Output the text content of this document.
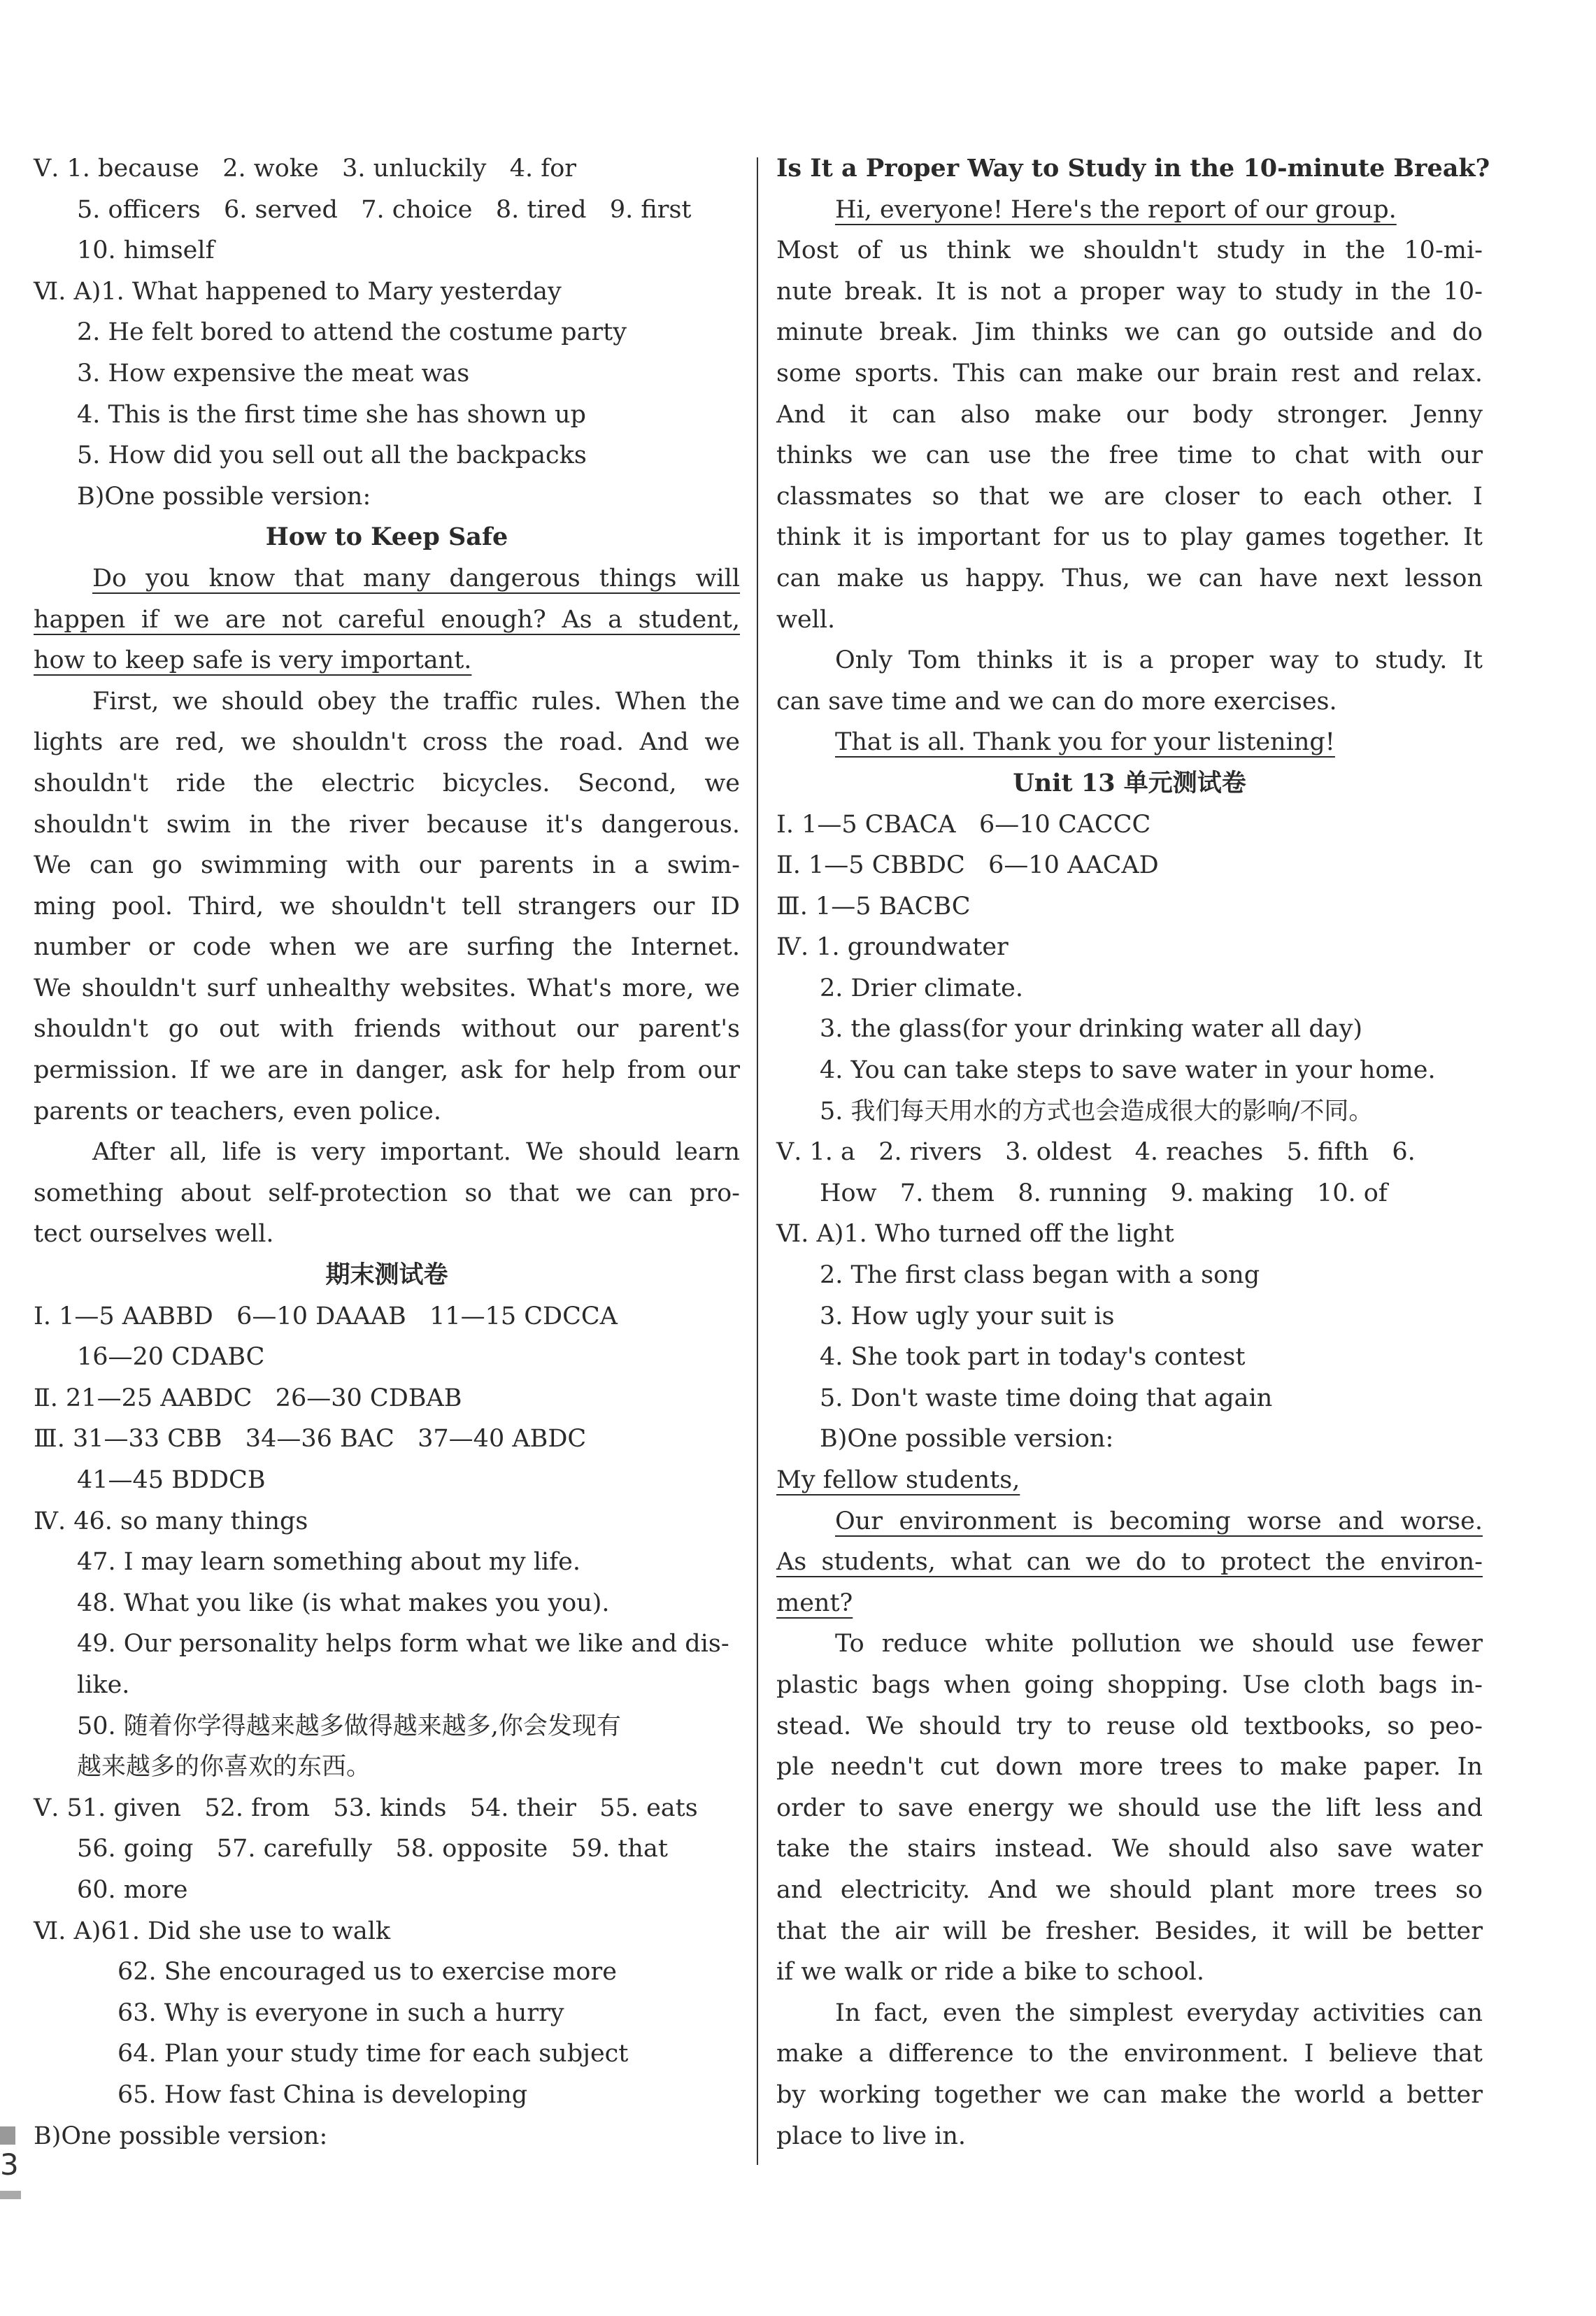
Ⅴ. 1. because   2. woke   3. unluckily   4. for
5. officers   6. served   7. choice   8. tired   9. first
10. himself
Ⅵ. A)1. What happened to Mary yesterday
2. He felt bored to attend the costume party
3. How expensive the meat was
4. This is the first time she has shown up
5. How did you sell out all the backpacks
B)One possible version:
How to Keep Safe
Do you know that many dangerous things will
happen if we are not careful enough? As a student,
how to keep safe is very important.
First, we should obey the traffic rules. When the
lights are red, we shouldn't cross the road. And we
shouldn't ride the electric bicycles. Second, we
shouldn't swim in the river because it's dangerous.
We can go swimming with our parents in a swim-
ming pool. Third, we shouldn't tell strangers our ID
number or code when we are surfing the Internet.
We shouldn't surf unhealthy websites. What's more, we
shouldn't go out with friends without our parent's
permission. If we are in danger, ask for help from our
parents or teachers, even police.
After all, life is very important. We should learn
something about self-protection so that we can pro-
tect ourselves well.
期末测试卷
Ⅰ. 1—5 AABBD   6—10 DAAAB   11—15 CDCCA
16—20 CDABC
Ⅱ. 21—25 AABDC   26—30 CDBAB
Ⅲ. 31—33 CBB   34—36 BAC   37—40 ABDC
41—45 BDDCB
Ⅳ. 46. so many things
47. I may learn something about my life.
48. What you like (is what makes you you).
49. Our personality helps form what we like and dis-
like.
50. 随着你学得越来越多做得越来越多,你会发现有
越来越多的你喜欢的东西。
Ⅴ. 51. given   52. from   53. kinds   54. their   55. eats
56. going   57. carefully   58. opposite   59. that
60. more
Ⅵ. A)61. Did she use to walk
62. She encouraged us to exercise more
63. Why is everyone in such a hurry
64. Plan your study time for each subject
65. How fast China is developing
B)One possible version:
Is It a Proper Way to Study in the 10-minute Break?
Hi, everyone! Here's the report of our group.
Most of us think we shouldn't study in the 10-mi-
nute break. It is not a proper way to study in the 10-
minute break. Jim thinks we can go outside and do
some sports. This can make our brain rest and relax.
And it can also make our body stronger. Jenny
thinks we can use the free time to chat with our
classmates so that we are closer to each other. I
think it is important for us to play games together. It
can make us happy. Thus, we can have next lesson
well.
Only Tom thinks it is a proper way to study. It
can save time and we can do more exercises.
That is all. Thank you for your listening!
Unit 13 单元测试卷
Ⅰ. 1—5 CBACA   6—10 CACCC
Ⅱ. 1—5 CBBDC   6—10 AACAD
Ⅲ. 1—5 BACBC
Ⅳ. 1. groundwater
2. Drier climate.
3. the glass(for your drinking water all day)
4. You can take steps to save water in your home.
5. 我们每天用水的方式也会造成很大的影响/不同。
Ⅴ. 1. a   2. rivers   3. oldest   4. reaches   5. fifth   6.
How   7. them   8. running   9. making   10. of
Ⅵ. A)1. Who turned off the light
2. The first class began with a song
3. How ugly your suit is
4. She took part in today's contest
5. Don't waste time doing that again
B)One possible version:
My fellow students,
Our environment is becoming worse and worse.
As students, what can we do to protect the environ-
ment?
To reduce white pollution we should use fewer
plastic bags when going shopping. Use cloth bags in-
stead. We should try to reuse old textbooks, so peo-
ple needn't cut down more trees to make paper. In
order to save energy we should use the lift less and
take the stairs instead. We should also save water
and electricity. And we should plant more trees so
that the air will be fresher. Besides, it will be better
if we walk or ride a bike to school.
In fact, even the simplest everyday activities can
make a difference to the environment. I believe that
by working together we can make the world a better
place to live in.
3
